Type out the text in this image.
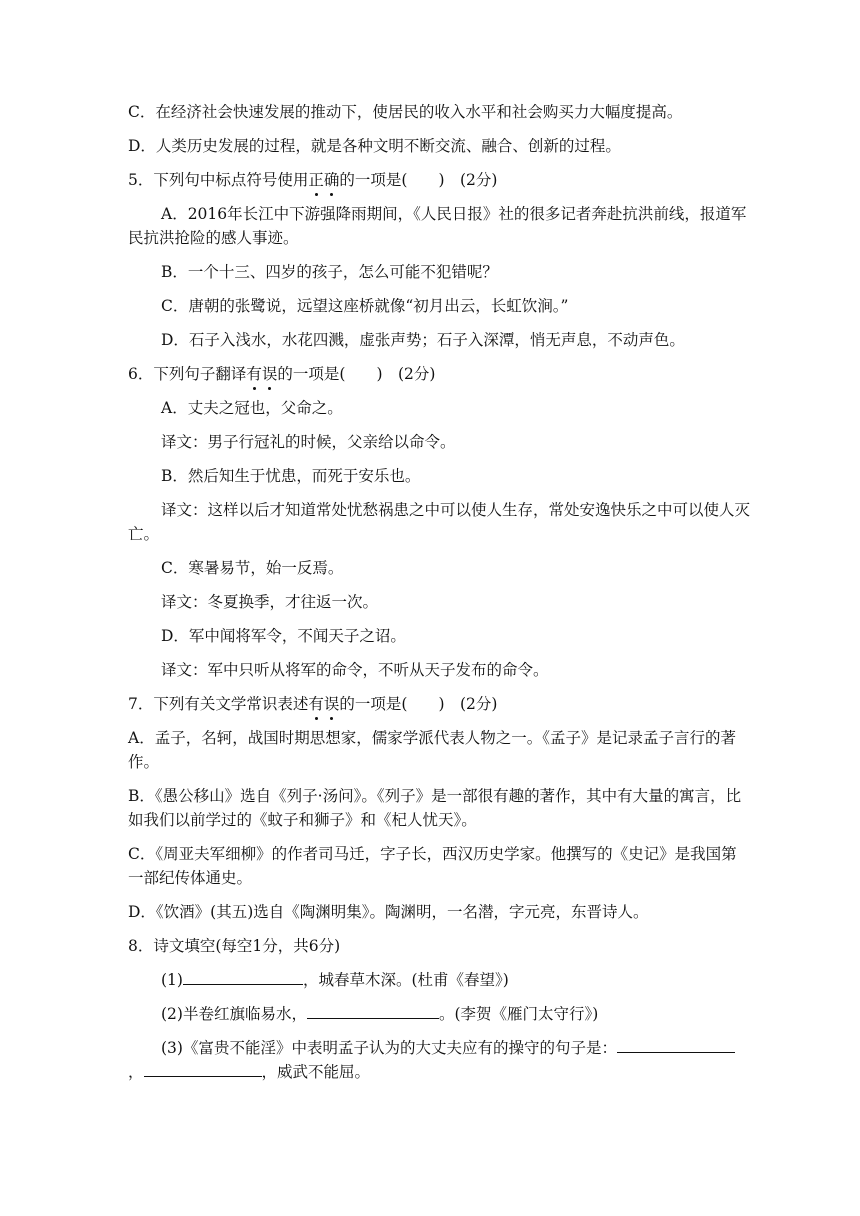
C．在经济社会快速发展的推动下，使居民的收入水平和社会购买力大幅度提高。

D．人类历史发展的过程，就是各种文明不断交流、融合、创新的过程。

5．下列句中标点符号使用正确的一项是(　　)　(2分)

A．2016年长江中下游强降雨期间，《人民日报》社的很多记者奔赴抗洪前线，报道军民抗洪抢险的感人事迹。

B．一个十三、四岁的孩子，怎么可能不犯错呢？

C．唐朝的张鹭说，远望这座桥就像“初月出云，长虹饮涧。”

D．石子入浅水，水花四溅，虚张声势；石子入深潭，悄无声息，不动声色。

6．下列句子翻译有误的一项是(　　)　(2分)

A．丈夫之冠也，父命之。

译文：男子行冠礼的时候，父亲给以命令。

B．然后知生于忧患，而死于安乐也。

译文：这样以后才知道常处忧愁祸患之中可以使人生存，常处安逸快乐之中可以使人灭亡。

C．寒暑易节，始一反焉。

译文：冬夏换季，才往返一次。

D．军中闻将军令，不闻天子之诏。

译文：军中只听从将军的命令，不听从天子发布的命令。

7．下列有关文学常识表述有误的一项是(　　)　(2分)

A．孟子，名轲，战国时期思想家，儒家学派代表人物之一。《孟子》是记录孟子言行的著作。

B．《愚公移山》选自《列子·汤问》。《列子》是一部很有趣的著作，其中有大量的寓言，比如我们以前学过的《蚊子和狮子》和《杞人忧天》。

C．《周亚夫军细柳》的作者司马迁，字子长，西汉历史学家。他撰写的《史记》是我国第一部纪传体通史。

D．《饮酒》(其五)选自《陶渊明集》。陶渊明，一名潜，字元亮，东晋诗人。

8．诗文填空(每空1分，共6分)

(1)	，城春草木深。(杜甫《春望》)

(2)半卷红旗临易水，	。(李贺《雁门太守行》)

(3)《富贵不能淫》中表明孟子认为的大丈夫应有的操守的句子是：，	，威武不能屈。
